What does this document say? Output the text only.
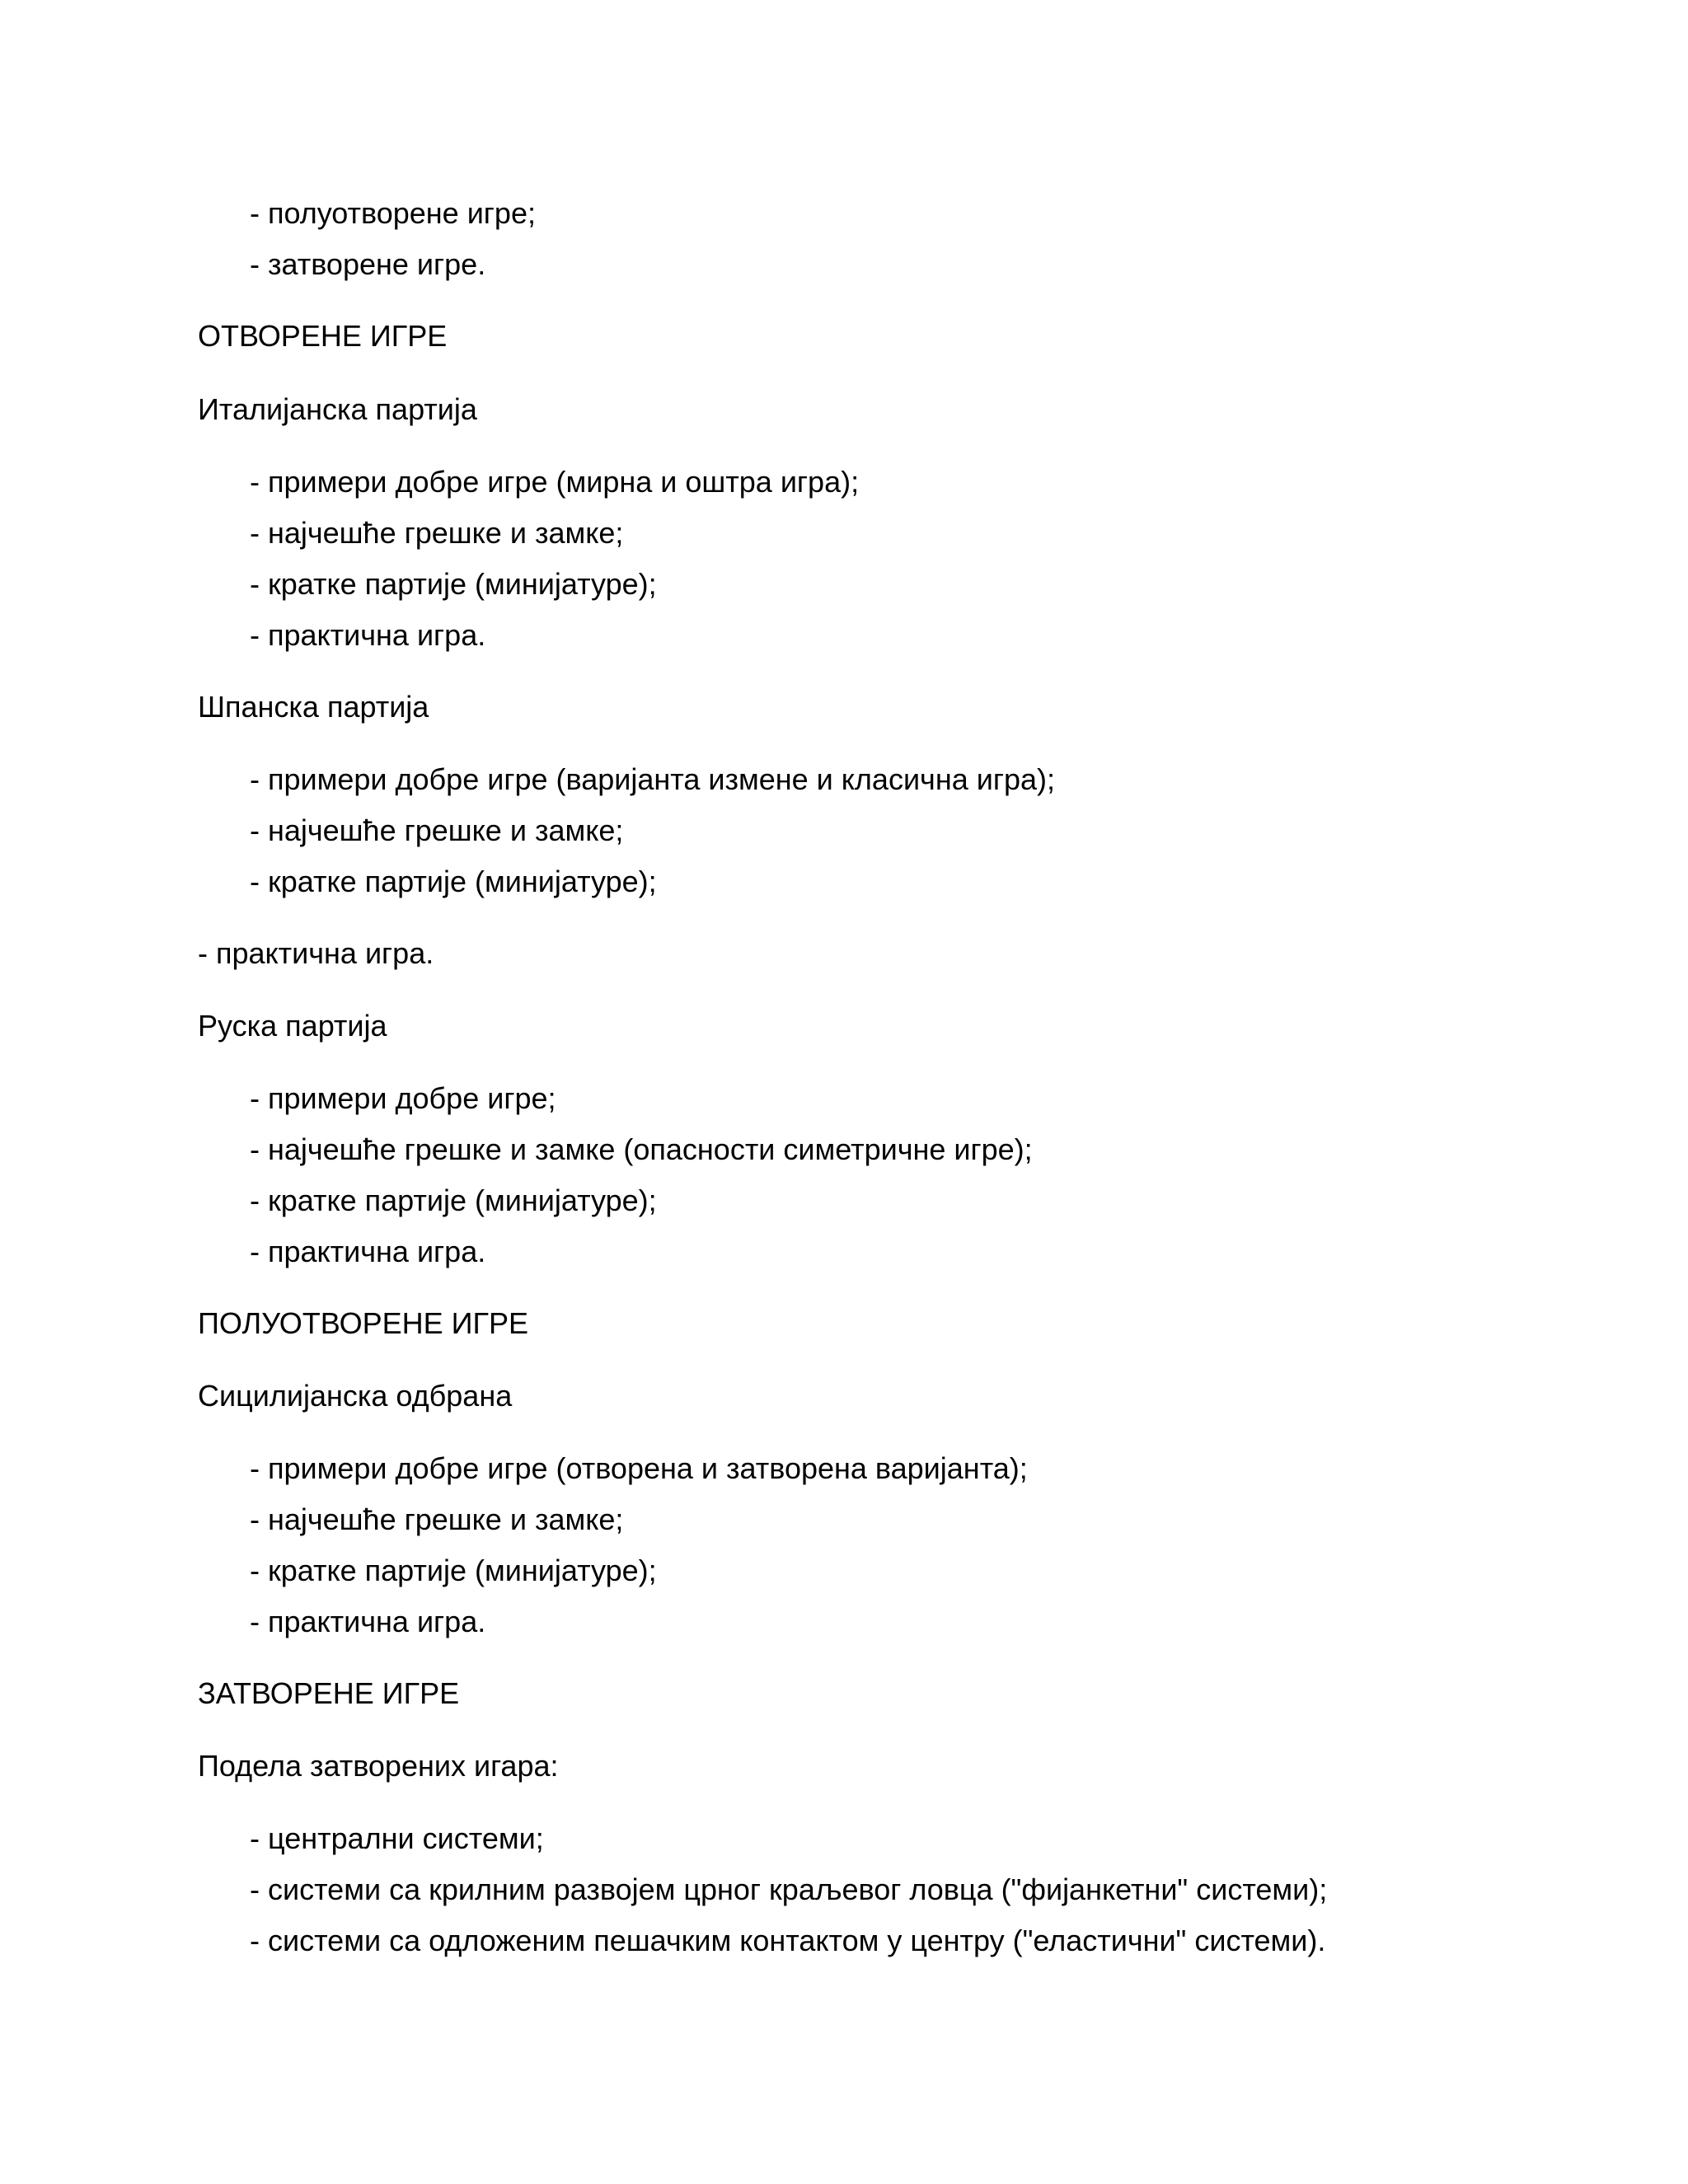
- полуотворене игре;
- затворене игре.
ОТВОРЕНЕ ИГРЕ
Италијанска партија
- примери добре игре (мирна и оштра игра);
- најчешће грешке и замке;
- кратке партије (минијатуре);
- практична игра.
Шпанска партија
- примери добре игре (варијанта измене и класична игра);
- најчешће грешке и замке;
- кратке партије (минијатуре);
- практична игра.
Руска партија
- примери добре игре;
- најчешће грешке и замке (опасности симетричне игре);
- кратке партије (минијатуре);
- практична игра.
ПОЛУОТВОРЕНЕ ИГРЕ
Сицилијанска одбрана
- примери добре игре (отворена и затворена варијанта);
- најчешће грешке и замке;
- кратке партије (минијатуре);
- практична игра.
ЗАТВОРЕНЕ ИГРЕ
Подела затворених игара:
- централни системи;
- системи са крилним развојем црног краљевог ловца ("фијанкетни" системи);
- системи са одложеним пешачким контактом у центру ("еластични" системи).
